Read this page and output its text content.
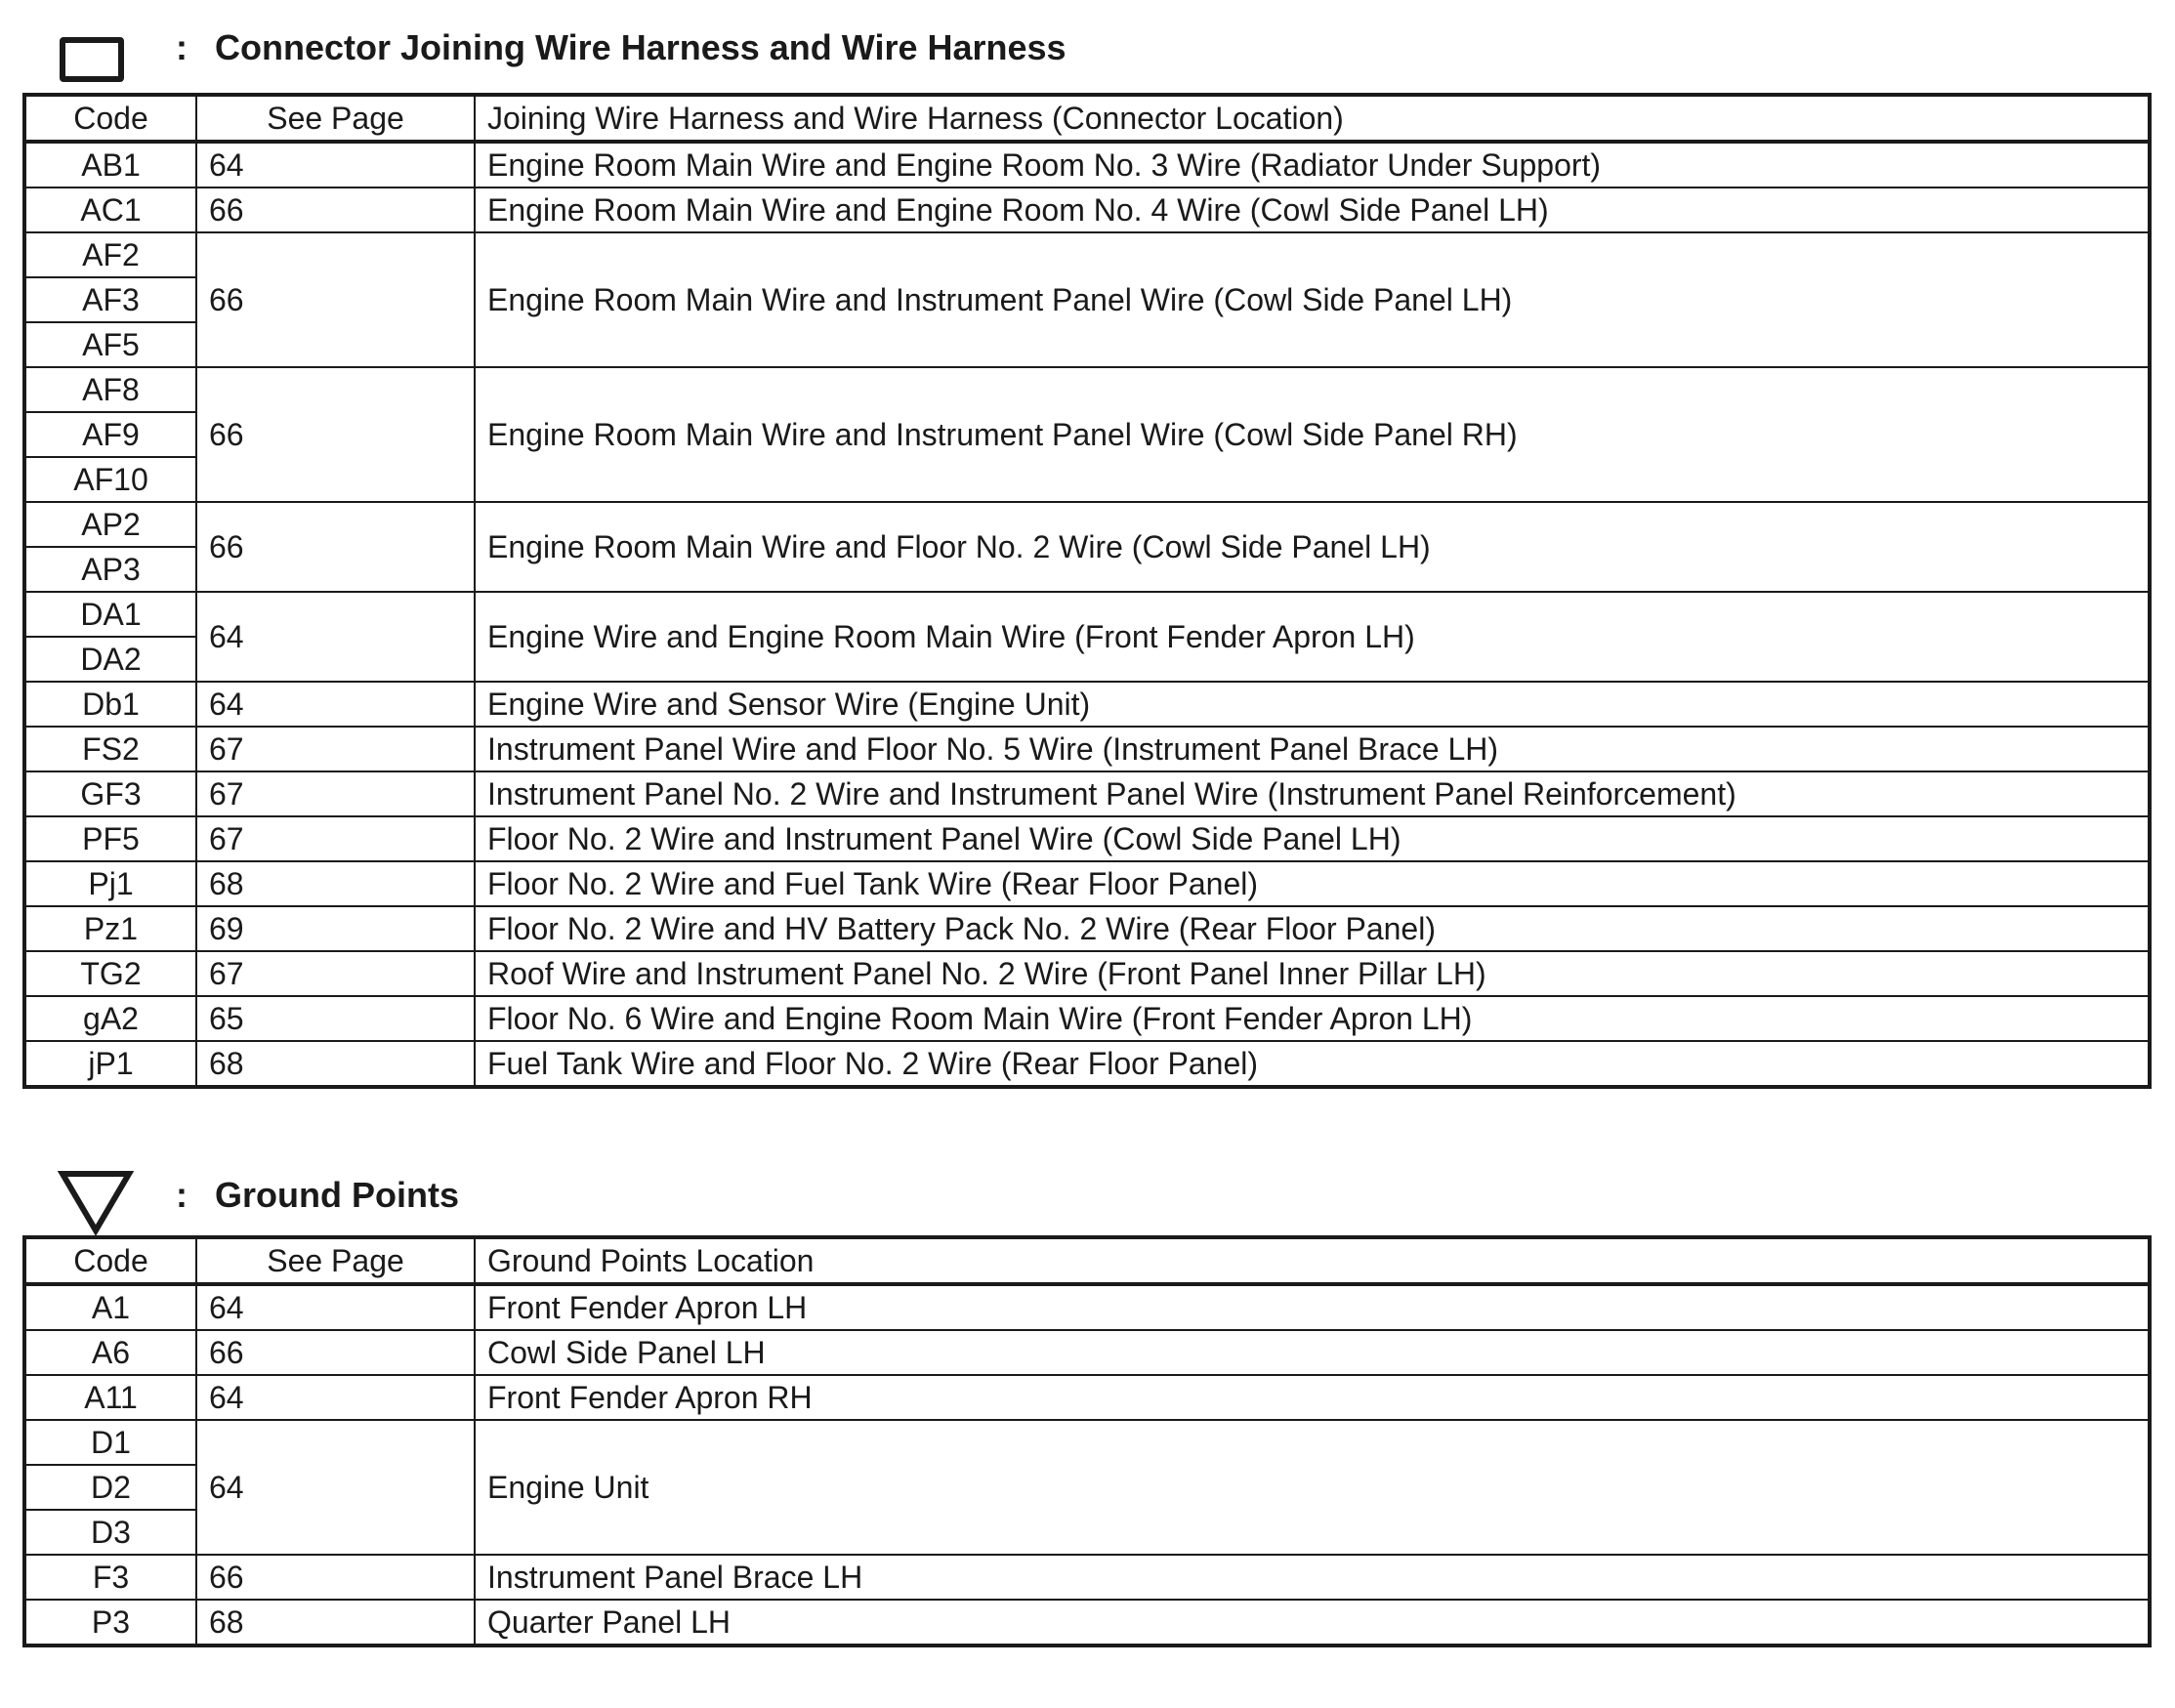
: Connector Joining Wire Harness and Wire Harness
Code	See Page	Joining Wire Harness and Wire Harness (Connector Location)
AB1	64	Engine Room Main Wire and Engine Room No. 3 Wire (Radiator Under Support)
AC1	66	Engine Room Main Wire and Engine Room No. 4 Wire (Cowl Side Panel LH)
AF2	66	Engine Room Main Wire and Instrument Panel Wire (Cowl Side Panel LH)
AF3		
AF5		
AF8	66	Engine Room Main Wire and Instrument Panel Wire (Cowl Side Panel RH)
AF9		
AF10		
AP2	66	Engine Room Main Wire and Floor No. 2 Wire (Cowl Side Panel LH)
AP3		
DA1	64	Engine Wire and Engine Room Main Wire (Front Fender Apron LH)
DA2		
Db1	64	Engine Wire and Sensor Wire (Engine Unit)
FS2	67	Instrument Panel Wire and Floor No. 5 Wire (Instrument Panel Brace LH)
GF3	67	Instrument Panel No. 2 Wire and Instrument Panel Wire (Instrument Panel Reinforcement)
PF5	67	Floor No. 2 Wire and Instrument Panel Wire (Cowl Side Panel LH)
Pj1	68	Floor No. 2 Wire and Fuel Tank Wire (Rear Floor Panel)
Pz1	69	Floor No. 2 Wire and HV Battery Pack No. 2 Wire (Rear Floor Panel)
TG2	67	Roof Wire and Instrument Panel No. 2 Wire (Front Panel Inner Pillar LH)
gA2	65	Floor No. 6 Wire and Engine Room Main Wire (Front Fender Apron LH)
jP1	68	Fuel Tank Wire and Floor No. 2 Wire (Rear Floor Panel)
: Ground Points
Code	See Page	Ground Points Location
A1	64	Front Fender Apron LH
A6	66	Cowl Side Panel LH
A11	64	Front Fender Apron RH
D1	64	Engine Unit
D2		
D3		
F3	66	Instrument Panel Brace LH
P3	68	Quarter Panel LH
